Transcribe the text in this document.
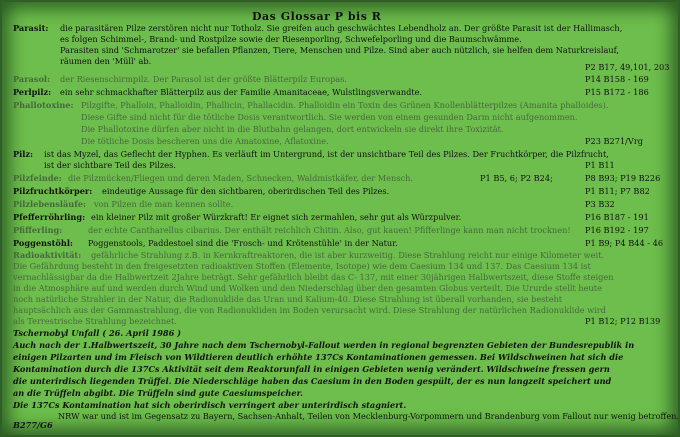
Das Glossar P bis R
Parasit: die parasitären Pilze zerstören nicht nur Totholz. Sie greifen auch geschwächtes Lebendholz an. Der größte Parasit ist der Hallimasch,
es folgen Schimmel-, Brand- und Rostpilze sowie der Riesenporling, Schwefelporling und die Baumschwämme.
Parasiten sind 'Schmarotzer' sie befallen Pflanzen, Tiere, Menschen und Pilze. Sind aber auch nützlich, sie helfen dem Naturkreislauf,
räumen den 'Müll' ab.
P2 B17, 49,101, 203
Parasol: der Riesenschirmpilz. Der Parasol ist der größte Blätterpilz Europas.	P14 B158 - 169
Perlpilz: ein sehr schmackhafter Blätterpilz aus der Familie Amanitaceae, Wulstlingsverwandte.	P15 B172 - 186
Phallotoxine: Pilzgifte, Phalloin, Phalloidin, Phallicin, Phallacidin. Phalloidin ein Toxin des Grünen Knollenblätterpilzes (Amanita phalloides).
Diese Gifte sind nicht für die tötliche Dosis verantwortlich. Sie werden von einem gesunden Darm nicht aufgenommen.
Die Phallotoxine dürfen aber nicht in die Blutbahn gelangen, dort entwickeln sie direkt ihre Toxizität.
Die tötliche Dosis bescheren uns die Amatoxine, Aflatoxine.	P23 B271/Vrg
Pilz: ist das Myzel, das Geflecht der Hyphen. Es verläuft im Untergrund, ist der unsichtbare Teil des Pilzes. Der Fruchtkörper, die Pilzfrucht,
ist der sichtbare Teil des Pilzes.	P1 B11
Pilzfeinde: die Pilzmücken/Fliegen und deren Maden, Schnecken, Waldmistkäfer, der Mensch.	P1 B5, 6; P2 B24;	P8 B93; P19 B226
Pilzfruchtkörper: eindeutige Aussage für den sichtbaren, oberirdischen Teil des Pilzes.	P1 B11; P7 B82
Pilzlebensläufe: von Pilzen die man kennen sollte.	P3 B32
Pfefferröhrling: ein kleiner Pilz mit großer Würzkraft! Er eignet sich zermahlen, sehr gut als Würzpulver.	P16 B187 - 191
Pfifferling:	der echte Cantharellus cibarius. Der enthält reichlich Chitin. Also, gut kauen! Pfifferlinge kann man nicht trocknen! P16 B192 - 197
Poggenstöhl: Poggenstools, Paddestoel sind die 'Frosch- und Krötenstühle' in der Natur.	P1 B9; P4 B44 - 46
Radioaktivität: gefährliche Strahlung z.B. in Kernkraftreaktoren, die ist aber kurzweitig. Diese Strahlung reicht nur einige Kilometer weit.
Die Gefährdung besteht in den freigesetzten radioaktiven Stoffen (Elemente, Isotope) wie dem Caesium 134 und 137. Das Caesium 134 ist
vernachlässigbar da die Halbwertzeit 2Jahre beträgt. Sehr gefährlich bleibt das C- 137, mit einer 30jährigen Halbwertszeit, diese Stoffe steigen
in die Atmosphäre auf und werden durch Wind und Wolken und den Niederschlag über den gesamten Globus verteilt. Die Ururde stellt heute
noch natürliche Strahler in der Natur, die Radionuklide das Uran und Kalium-40. Diese Strahlung ist überall vorhanden, sie besteht
hauptsächlich aus der Gammastrahlung, die von Radionukliden im Boden verursacht wird. Diese Strahlung der natürlichen Radionuklide wird
als Terrestrische Strahlung bezeichnet.	P1 B12; P12 B139
Tschernobyl Unfall ( 26. April 1986 )
Auch nach der 1.Halbwertszeit, 30 Jahre nach dem Tschernobyl-Fallout werden in regional begrenzten Gebieten der Bundesrepublik in
einigen Pilzarten und im Fleisch von Wildtieren deutlich erhöhte 137Cs Kontaminationen gemessen. Bei Wildschweinen hat sich die
Kontamination durch die 137Cs Aktivität seit dem Reaktorunfall in einigen Gebieten wenig verändert. Wildschweine fressen gern
die unterirdisch liegenden Trüffel. Die Niederschläge haben das Caesium in den Boden gespült, der es nun langzeit speichert und
an die Trüffeln abgibt. Die Trüffeln sind gute Caesiumspeicher.
Die 137Cs Kontamination hat sich oberirdisch verringert aber unterirdisch stagniert.
NRW war und ist im Gegensatz zu Bayern, Sachsen-Anhalt, Teilen von Mecklenburg-Vorpommern und Brandenburg vom Fallout nur wenig betroffen.
B277/G6
